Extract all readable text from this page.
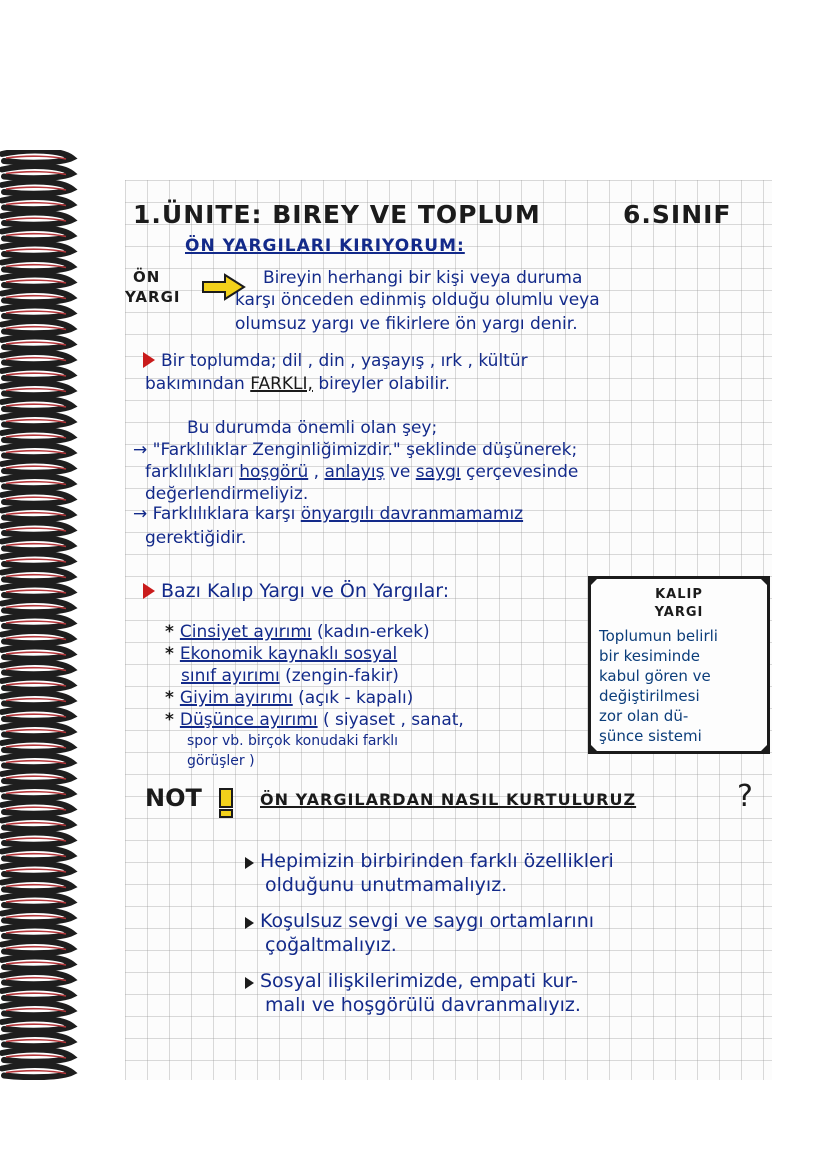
1.ÜNITE: BIREY VE TOPLUM	6.SINIF
ÖN YARGILARI KIRIYORUM:
ÖN
YARGI
Bireyin herhangi bir kişi veya duruma
karşı önceden edinmiş olduğu olumlu veya
olumsuz yargı ve fikirlere ön yargı denir.
Bir toplumda; dil , din , yaşayış , ırk , kültür
bakımından FARKLI, bireyler olabilir.
Bu durumda önemli olan şey;
→ "Farklılıklar Zenginliğimizdir." şeklinde düşünerek;
farklılıkları hoşgörü , anlayış ve saygı çerçevesinde
değerlendirmeliyiz.
→ Farklılıklara karşı önyargılı davranmamamız
gerektiğidir.
Bazı Kalıp Yargı ve Ön Yargılar:
* Cinsiyet ayırımı (kadın-erkek)
* Ekonomik kaynaklı sosyal
sınıf ayırımı (zengin-fakir)
* Giyim ayırımı (açık - kapalı)
* Düşünce ayırımı ( siyaset , sanat,
spor vb. birçok konudaki farklı
görüşler )
KALIP
YARGI
Toplumun belirli
bir kesiminde
kabul gören ve
değiştirilmesi
zor olan dü-
şünce sistemi
NOT	ÖN YARGILARDAN NASIL KURTULURUZ	?
Hepimizin birbirinden farklı özellikleri
olduğunu unutmamalıyız.
Koşulsuz sevgi ve saygı ortamlarını
çoğaltmalıyız.
Sosyal ilişkilerimizde, empati kur-
malı ve hoşgörülü davranmalıyız.
